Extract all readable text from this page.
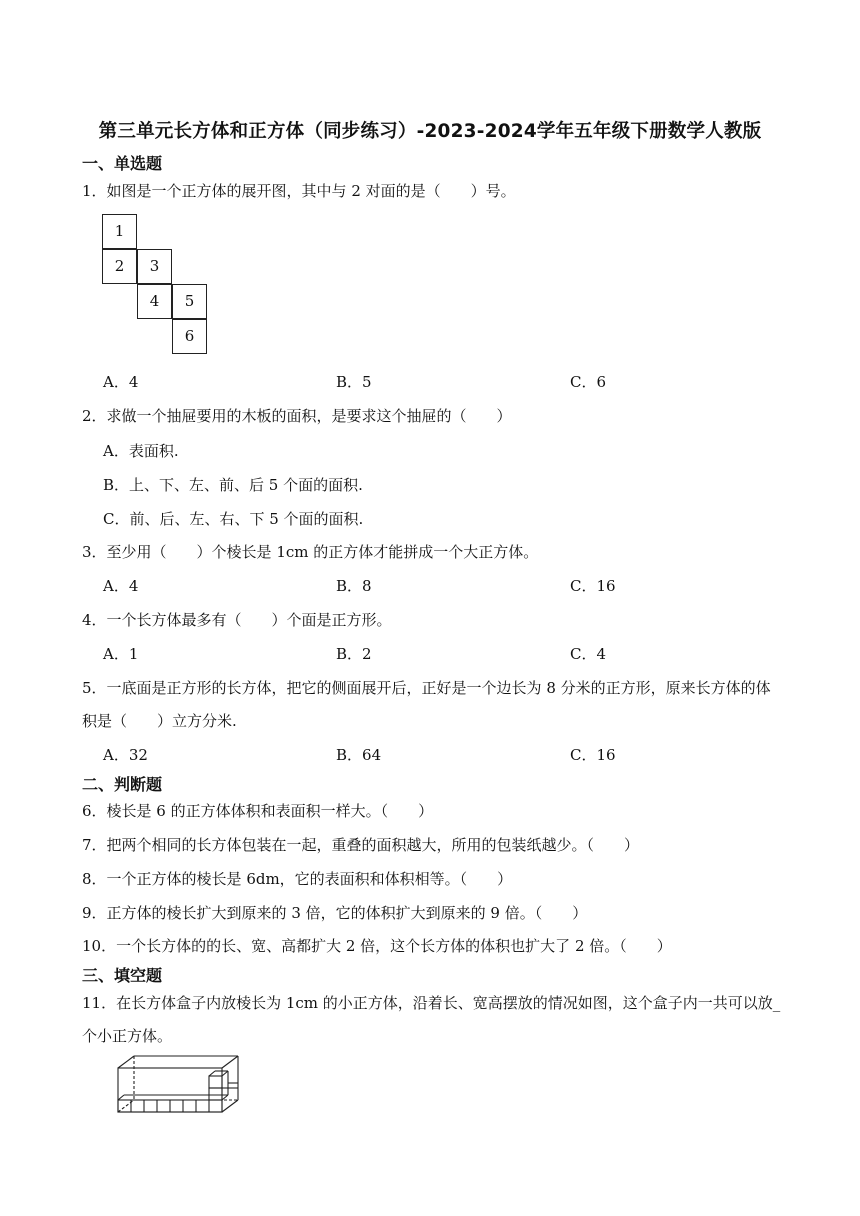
第三单元长方体和正方体（同步练习）-2023-2024学年五年级下册数学人教版
一、单选题
1．如图是一个正方体的展开图，其中与 2 对面的是（　　）号。
1
2	3
4	5
6
A．4	B．5	C．6
2．求做一个抽屉要用的木板的面积，是要求这个抽屉的（　　）
A．表面积.
B．上、下、左、前、后 5 个面的面积.
C．前、后、左、右、下 5 个面的面积.
3．至少用（　　）个棱长是 1cm 的正方体才能拼成一个大正方体。
A．4	B．8	C．16
4．一个长方体最多有（　　）个面是正方形。
A．1	B．2	C．4
5．一底面是正方形的长方体，把它的侧面展开后，正好是一个边长为 8 分米的正方形，原来长方体的体
积是（　　）立方分米.
A．32	B．64	C．16
二、判断题
6．棱长是 6 的正方体体积和表面积一样大。（　　）
7．把两个相同的长方体包装在一起，重叠的面积越大，所用的包装纸越少。（　　）
8．一个正方体的棱长是 6dm，它的表面积和体积相等。（　　）
9．正方体的棱长扩大到原来的 3 倍，它的体积扩大到原来的 9 倍。（　　）
10．一个长方体的的长、宽、高都扩大 2 倍，这个长方体的体积也扩大了 2 倍。（　　）
三、填空题
11．在长方体盒子内放棱长为 1cm 的小正方体，沿着长、宽高摆放的情况如图，这个盒子内一共可以放_
个小正方体。
